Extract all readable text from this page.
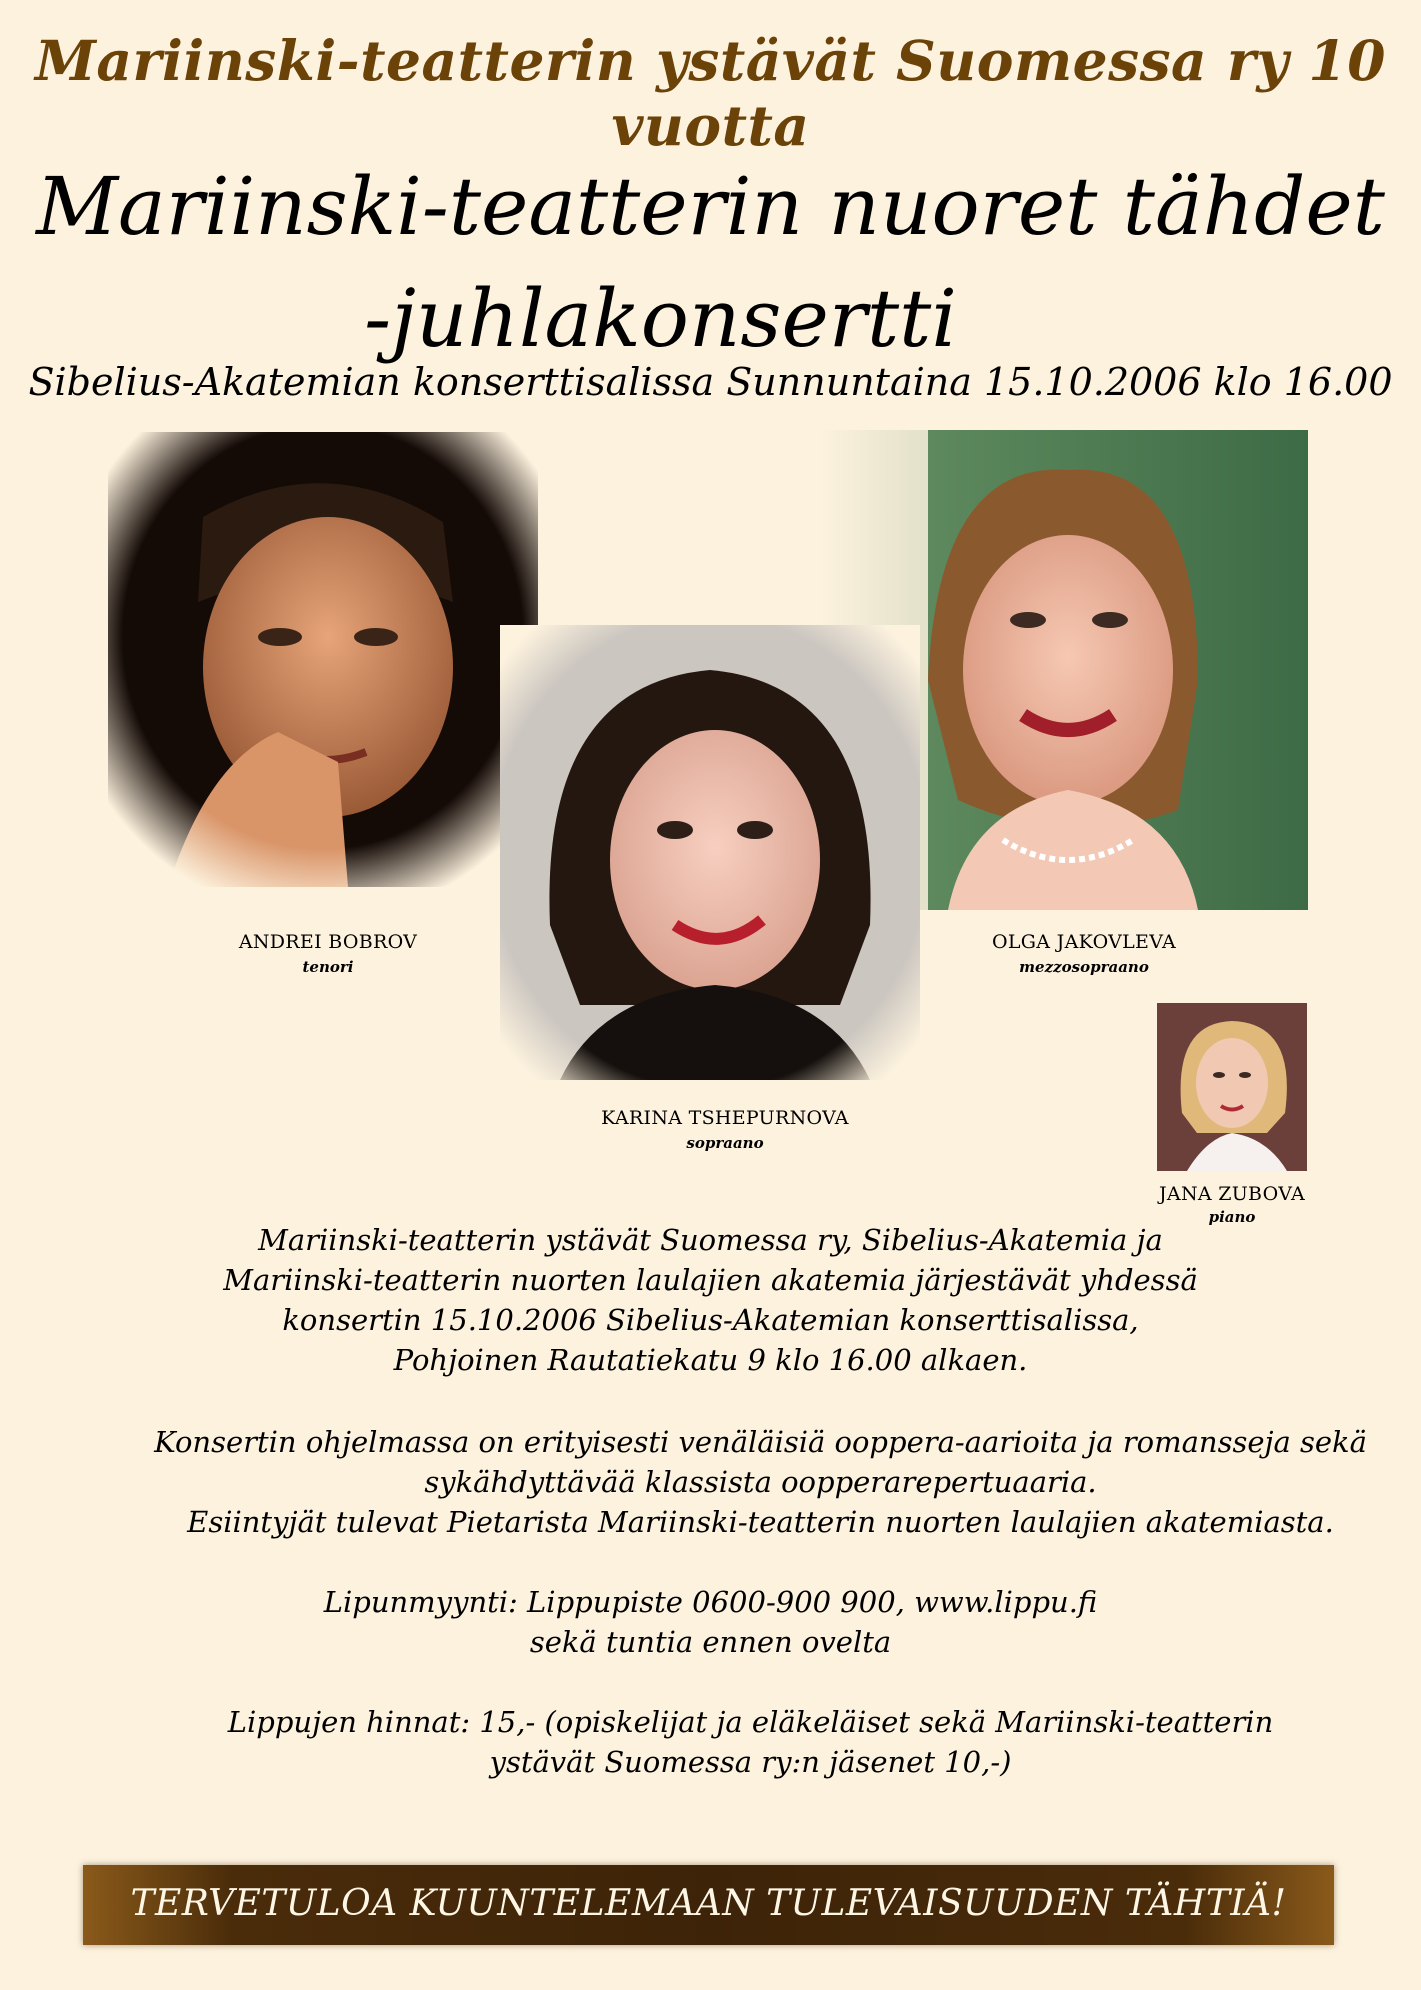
Mariinski-teatterin ystävät Suomessa ry 10 vuotta
Mariinski-teatterin nuoret tähdet
-juhlakonsertti
Sibelius-Akatemian konserttisalissa Sunnuntaina 15.10.2006 klo 16.00
ANDREI BOBROV
tenori
OLGA JAKOVLEVA
mezzosopraano
KARINA TSHEPURNOVA
sopraano
JANA ZUBOVA
piano
Mariinski-teatterin ystävät Suomessa ry, Sibelius-Akatemia ja
Mariinski-teatterin nuorten laulajien akatemia järjestävät yhdessä
konsertin 15.10.2006 Sibelius-Akatemian konserttisalissa,
Pohjoinen Rautatiekatu 9 klo 16.00 alkaen.
Konsertin ohjelmassa on erityisesti venäläisiä ooppera-aarioita ja romansseja sekä
sykähdyttävää klassista oopperarepertuaaria.
Esiintyjät tulevat Pietarista Mariinski-teatterin nuorten laulajien akatemiasta.
Lipunmyynti: Lippupiste 0600-900 900, www.lippu.fi
sekä tuntia ennen ovelta
Lippujen hinnat: 15,- (opiskelijat ja eläkeläiset sekä Mariinski-teatterin
ystävät Suomessa ry:n jäsenet 10,-)
TERVETULOA KUUNTELEMAAN TULEVAISUUDEN TÄHTIÄ!
